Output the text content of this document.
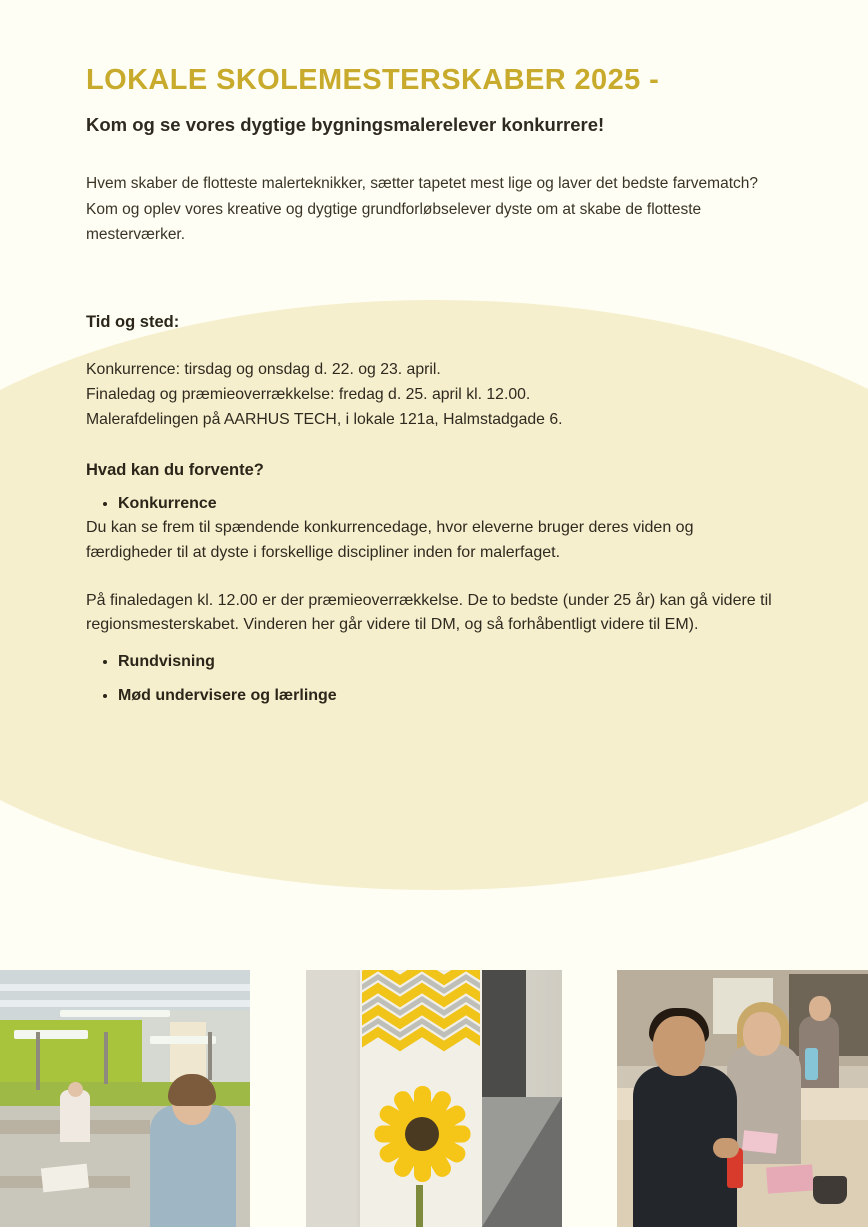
LOKALE SKOLEMESTERSKABER 2025 -

Kom og se vores dygtige bygningsmalerelever konkurrere!

Hvem skaber de flotteste malerteknikker, sætter tapetet mest lige og laver det bedste farvematch? Kom og oplev vores kreative og dygtige grundforløbselever dyste om at skabe de flotteste mesterværker.

Tid og sted:
Konkurrence: tirsdag og onsdag d. 22. og 23. april.
Finaledag og præmieoverrækkelse: fredag d. 25. april kl. 12.00.
Malerafdelingen på AARHUS TECH, i lokale 121a, Halmstadgade 6.
Hvad kan du forvente?
• Konkurrence

Du kan se frem til spændende konkurrencedage, hvor eleverne bruger deres viden og færdigheder til at dyste i forskellige discipliner inden for malerfaget.

På finaledagen kl. 12.00 er der præmieoverrækkelse. De to bedste (under 25 år) kan gå videre til regionsmesterskabet. Vinderen her går videre til DM, og så forhåbentligt videre til EM).

• Rundvisning
• Mød undervisere og lærlinge
